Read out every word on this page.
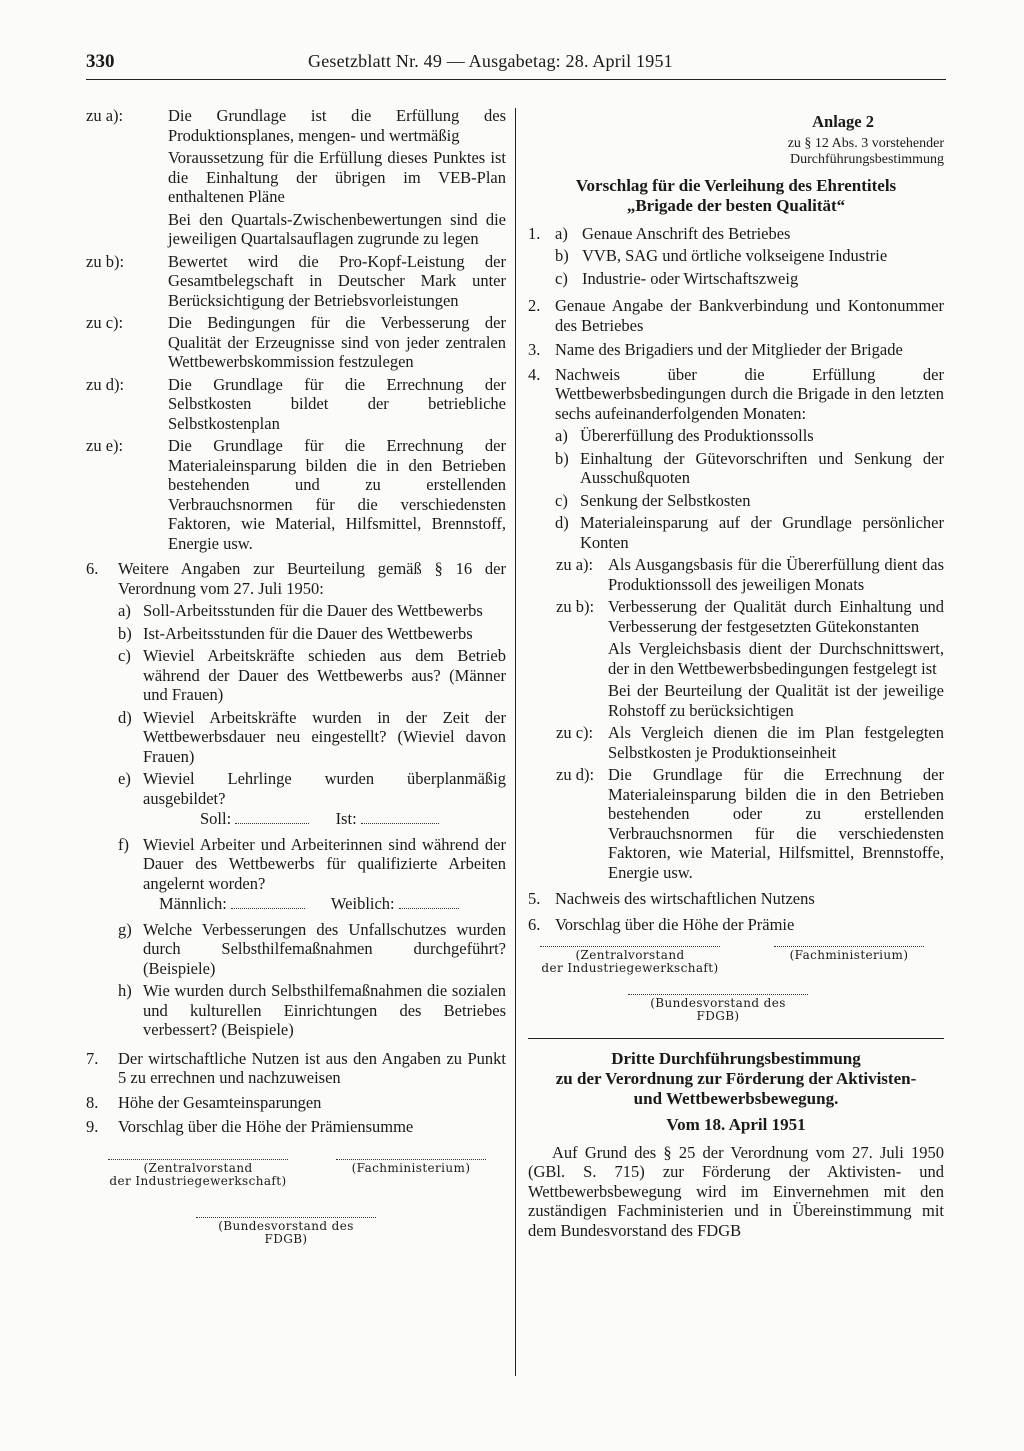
330	Gesetzblatt Nr. 49 — Ausgabetag: 28. April 1951
zu a):	Die Grundlage ist die Erfüllung des Produktionsplanes, mengen- und wertmäßig
Voraussetzung für die Erfüllung dieses Punktes ist die Einhaltung der übrigen im VEB-Plan enthaltenen Pläne
Bei den Quartals-Zwischenbewertungen sind die jeweiligen Quartalsauflagen zugrunde zu legen
zu b):	Bewertet wird die Pro-Kopf-Leistung der Gesamtbelegschaft in Deutscher Mark unter Berücksichtigung der Betriebsvorleistungen
zu c):	Die Bedingungen für die Verbesserung der Qualität der Erzeugnisse sind von jeder zentralen Wettbewerbskommission festzulegen
zu d):	Die Grundlage für die Errechnung der Selbstkosten bildet der betriebliche Selbstkostenplan
zu e):	Die Grundlage für die Errechnung der Materialeinsparung bilden die in den Betrieben bestehenden und zu erstellenden Verbrauchsnormen für die verschiedensten Faktoren, wie Material, Hilfsmittel, Brennstoff, Energie usw.
6.	Weitere Angaben zur Beurteilung gemäß § 16 der Verordnung vom 27. Juli 1950:
a) Soll-Arbeitsstunden für die Dauer des Wettbewerbs
b) Ist-Arbeitsstunden für die Dauer des Wettbewerbs
c) Wieviel Arbeitskräfte schieden aus dem Betrieb während der Dauer des Wettbewerbs aus? (Männer und Frauen)
d) Wieviel Arbeitskräfte wurden in der Zeit der Wettbewerbsdauer neu eingestellt? (Wieviel davon Frauen)
e) Wieviel Lehrlinge wurden überplanmäßig ausgebildet?
Soll:	Ist:
f) Wieviel Arbeiter und Arbeiterinnen sind während der Dauer des Wettbewerbs für qualifizierte Arbeiten angelernt worden?
Männlich:	Weiblich:
g) Welche Verbesserungen des Unfallschutzes wurden durch Selbsthilfemaßnahmen durchgeführt? (Beispiele)
h) Wie wurden durch Selbsthilfemaßnahmen die sozialen und kulturellen Einrichtungen des Betriebes verbessert? (Beispiele)
7.	Der wirtschaftliche Nutzen ist aus den Angaben zu Punkt 5 zu errechnen und nachzuweisen
8.	Höhe der Gesamteinsparungen
9.	Vorschlag über die Höhe der Prämiensumme
(Zentralvorstand
der Industriegewerkschaft)
(Fachministerium)
(Bundesvorstand des FDGB)
Anlage 2
zu § 12 Abs. 3 vorstehender
Durchführungsbestimmung
Vorschlag für die Verleihung des Ehrentitels
„Brigade der besten Qualität“
1. a) Genaue Anschrift des Betriebes
b) VVB, SAG und örtliche volkseigene Industrie
c) Industrie- oder Wirtschaftszweig
2. Genaue Angabe der Bankverbindung und Kontonummer des Betriebes
3. Name des Brigadiers und der Mitglieder der Brigade
4. Nachweis über die Erfüllung der Wettbewerbsbedingungen durch die Brigade in den letzten sechs aufeinanderfolgenden Monaten:
a) Übererfüllung des Produktionssolls
b) Einhaltung der Gütevorschriften und Senkung der Ausschußquoten
c) Senkung der Selbstkosten
d) Materialeinsparung auf der Grundlage persönlicher Konten
zu a): Als Ausgangsbasis für die Übererfüllung dient das Produktionssoll des jeweiligen Monats
zu b): Verbesserung der Qualität durch Einhaltung und Verbesserung der festgesetzten Gütekonstanten
Als Vergleichsbasis dient der Durchschnittswert, der in den Wettbewerbsbedingungen festgelegt ist
Bei der Beurteilung der Qualität ist der jeweilige Rohstoff zu berücksichtigen
zu c): Als Vergleich dienen die im Plan festgelegten Selbstkosten je Produktionseinheit
zu d): Die Grundlage für die Errechnung der Materialeinsparung bilden die in den Betrieben bestehenden oder zu erstellenden Verbrauchsnormen für die verschiedensten Faktoren, wie Material, Hilfsmittel, Brennstoffe, Energie usw.
5. Nachweis des wirtschaftlichen Nutzens
6. Vorschlag über die Höhe der Prämie
(Zentralvorstand
der Industriegewerkschaft)
(Fachministerium)
(Bundesvorstand des FDGB)
Dritte Durchführungsbestimmung
zu der Verordnung zur Förderung der Aktivisten-
und Wettbewerbsbewegung.
Vom 18. April 1951
Auf Grund des § 25 der Verordnung vom 27. Juli 1950 (GBl. S. 715) zur Förderung der Aktivisten- und Wettbewerbsbewegung wird im Einvernehmen mit den zuständigen Fachministerien und in Übereinstimmung mit dem Bundesvorstand des FDGB
